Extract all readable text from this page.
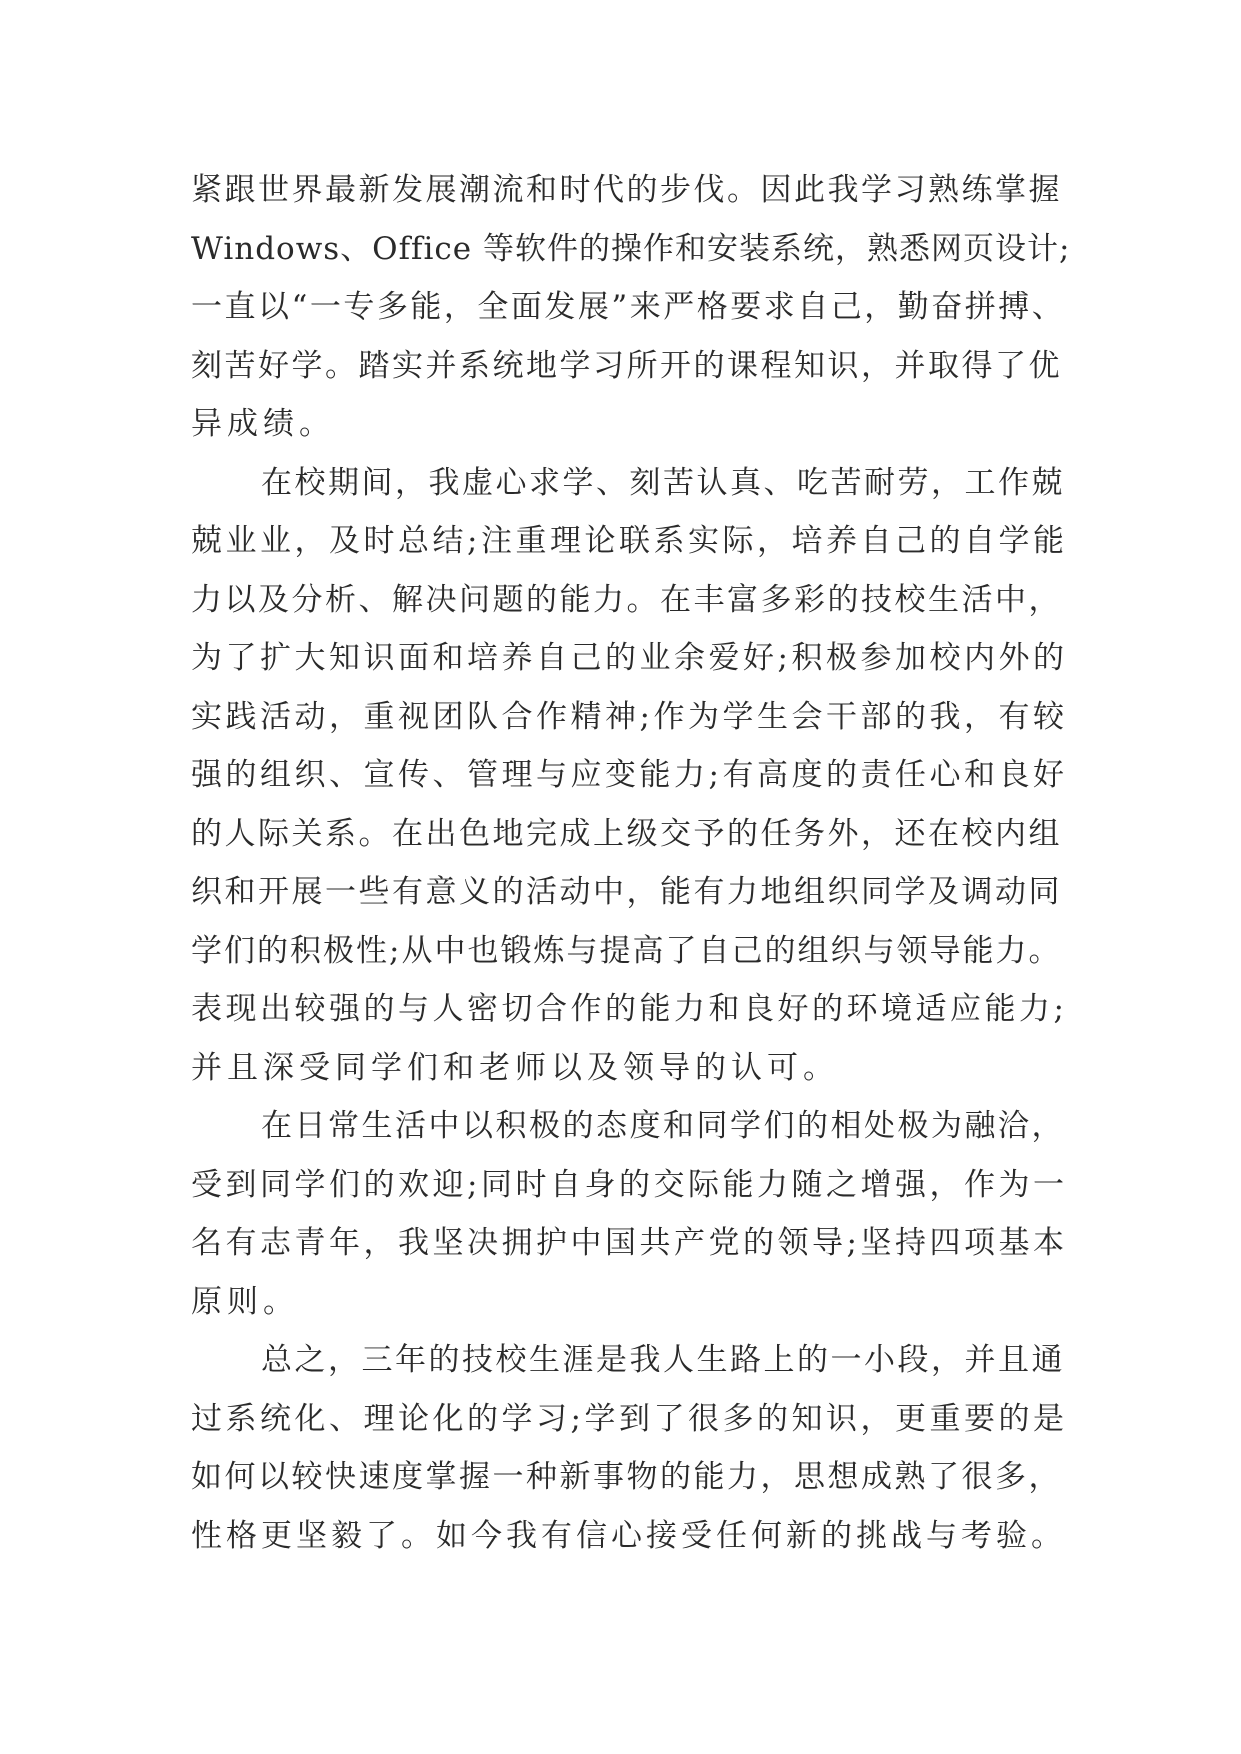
紧跟世界最新发展潮流和时代的步伐。因此我学习熟练掌握
Windows、Office 等软件的操作和安装系统，熟悉网页设计;
一直以“一专多能，全面发展”来严格要求自己，勤奋拼搏、
刻苦好学。踏实并系统地学习所开的课程知识，并取得了优
异成绩。
在校期间，我虚心求学、刻苦认真、吃苦耐劳，工作兢
兢业业，及时总结;注重理论联系实际，培养自己的自学能
力以及分析、解决问题的能力。在丰富多彩的技校生活中，
为了扩大知识面和培养自己的业余爱好;积极参加校内外的
实践活动，重视团队合作精神;作为学生会干部的我，有较
强的组织、宣传、管理与应变能力;有高度的责任心和良好
的人际关系。在出色地完成上级交予的任务外，还在校内组
织和开展一些有意义的活动中，能有力地组织同学及调动同
学们的积极性;从中也锻炼与提高了自己的组织与领导能力。
表现出较强的与人密切合作的能力和良好的环境适应能力;
并且深受同学们和老师以及领导的认可。
在日常生活中以积极的态度和同学们的相处极为融洽，
受到同学们的欢迎;同时自身的交际能力随之增强，作为一
名有志青年，我坚决拥护中国共产党的领导;坚持四项基本
原则。
总之，三年的技校生涯是我人生路上的一小段，并且通
过系统化、理论化的学习;学到了很多的知识，更重要的是
如何以较快速度掌握一种新事物的能力，思想成熟了很多，
性格更坚毅了。如今我有信心接受任何新的挑战与考验。
